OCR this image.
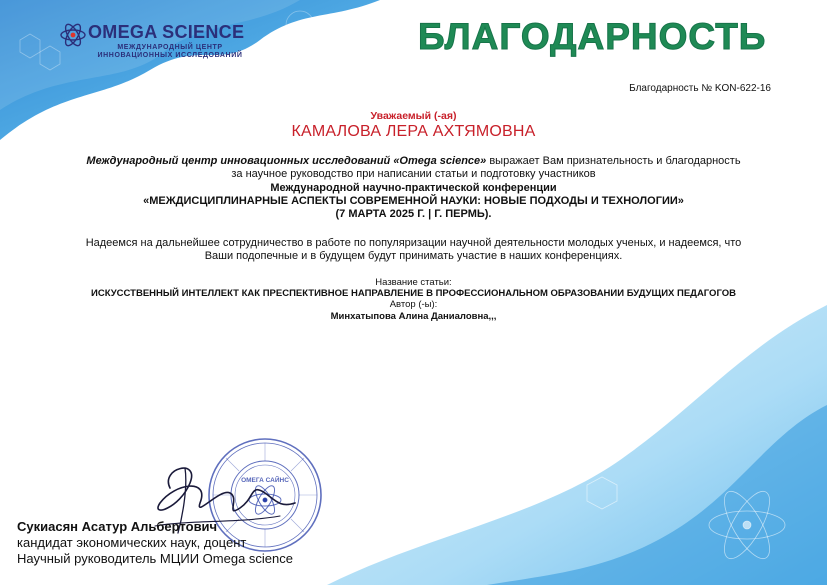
OMEGA SCIENCE
МЕЖДУНАРОДНЫЙ ЦЕНТР
ИННОВАЦИОННЫХ ИССЛЕДОВАНИЙ	БЛАГОДАРНОСТЬ
Благодарность № KON-622-16
Уважаемый (-ая)
КАМАЛОВА ЛЕРА АХТЯМОВНА
Международный центр инновационных исследований «Omega science» выражает Вам признательность и благодарность
за научное руководство при написании статьи и подготовку участников
Международной научно-практической конференции
«МЕЖДИСЦИПЛИНАРНЫЕ АСПЕКТЫ СОВРЕМЕННОЙ НАУКИ: НОВЫЕ ПОДХОДЫ И ТЕХНОЛОГИИ»
(7 МАРТА 2025 Г. | Г. ПЕРМЬ).
Надеемся на дальнейшее сотрудничество в работе по популяризации научной деятельности молодых ученых, и надеемся, что
Ваши подопечные и в будущем будут принимать участие в наших конференциях.
Название статьи:
ИСКУССТВЕННЫЙ ИНТЕЛЛЕКТ КАК ПРЕСПЕКТИВНОЕ НАПРАВЛЕНИЕ В ПРОФЕССИОНАЛЬНОМ ОБРАЗОВАНИИ БУДУЩИХ ПЕДАГОГОВ
Автор (-ы):
Минхатыпова Алина Даниаловна,,,
ОМЕГА САЙНС
Сукиасян Асатур Альбертович
кандидат экономических наук, доцент
Научный руководитель МЦИИ Omega science
